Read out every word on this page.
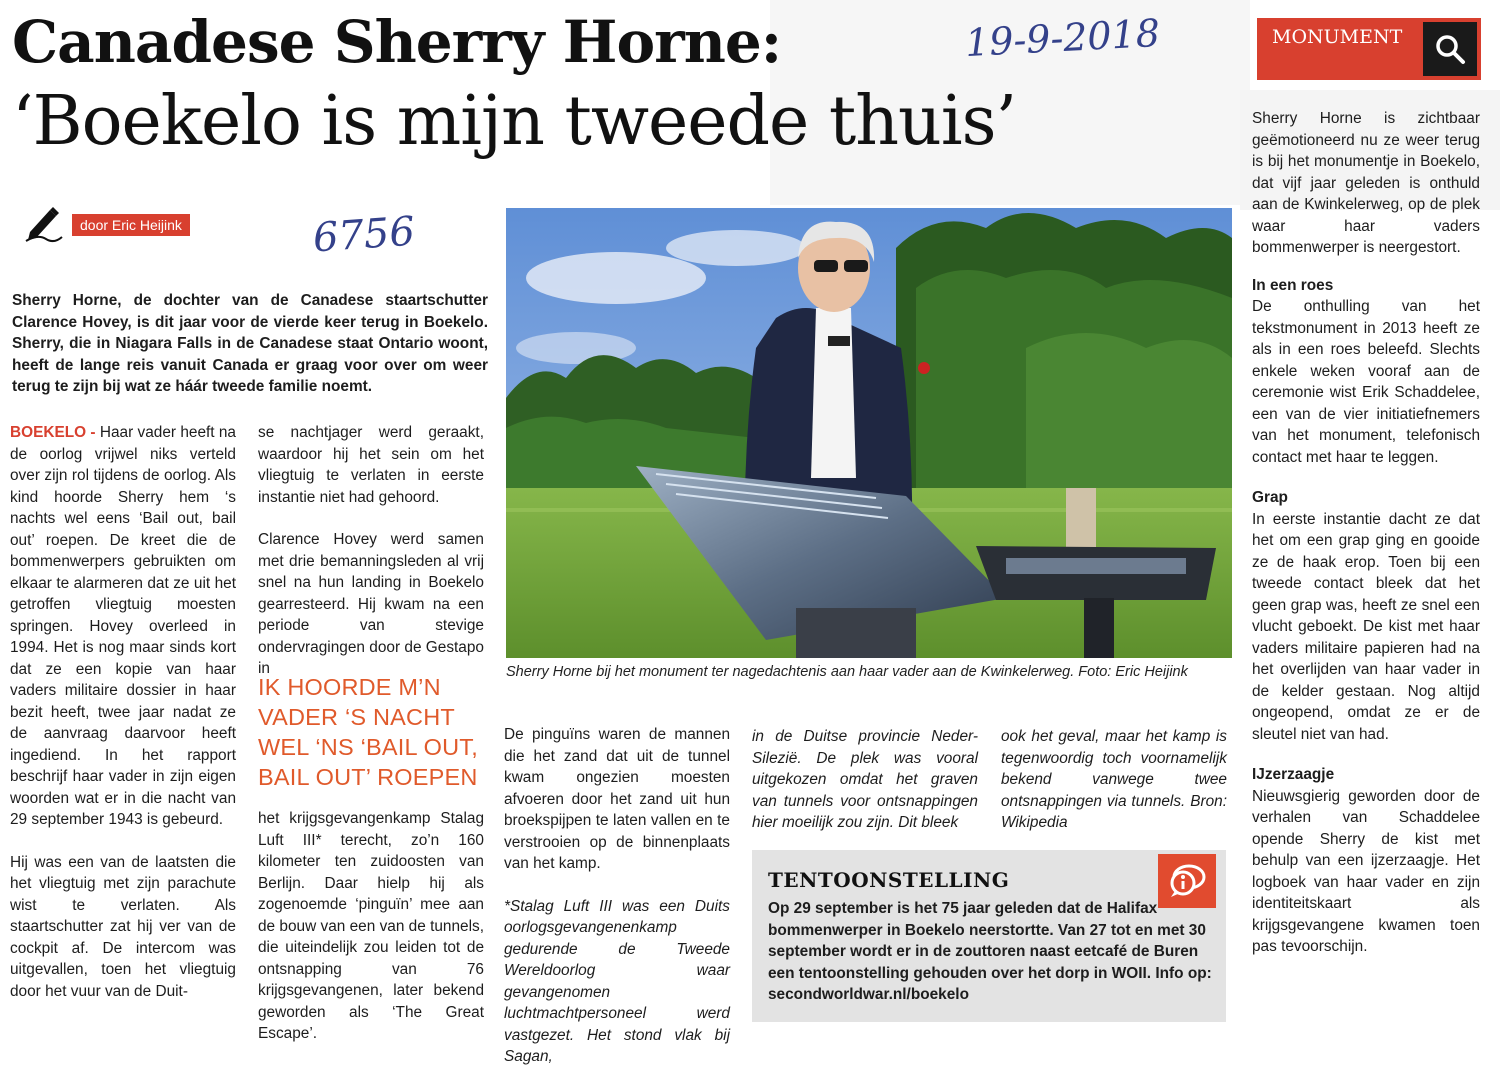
Canadese Sherry Horne:
‘Boekelo is mijn tweede thuis’
19-9-2018
6756
door Eric Heijink
Sherry Horne, de dochter van de Canadese staartschutter Clarence Hovey, is dit jaar voor de vierde keer terug in Boekelo. Sherry, die in Niagara Falls in de Canadese staat Ontario woont, heeft de lange reis vanuit Canada er graag voor over om weer terug te zijn bij wat ze háár tweede familie noemt.

BOEKELO - Haar vader heeft na de oorlog vrijwel niks verteld over zijn rol tijdens de oorlog. Als kind hoorde Sherry hem ‘s nachts wel eens ‘Bail out, bail out’ roepen. De kreet die de bommenwerpers gebruikten om elkaar te alarmeren dat ze uit het getroffen vliegtuig moesten springen. Hovey overleed in 1994. Het is nog maar sinds kort dat ze een kopie van haar vaders militaire dossier in haar bezit heeft, twee jaar nadat ze de aanvraag daarvoor heeft ingediend. In het rapport beschrijf haar vader in zijn eigen woorden wat er in die nacht van 29 september 1943 is gebeurd.

Hij was een van de laatsten die het vliegtuig met zijn parachute wist te verlaten. Als staartschutter zat hij ver van de cockpit af. De intercom was uitgevallen, toen het vliegtuig door het vuur van de Duit-

se nachtjager werd geraakt, waardoor hij het sein om het vliegtuig te verlaten in eerste instantie niet had gehoord.

Clarence Hovey werd samen met drie bemanningsleden al vrij snel na hun landing in Boekelo gearresteerd. Hij kwam na een periode van stevige ondervragingen door de Gestapo in

IK HOORDE M’N VADER ‘S NACHT WEL ‘NS ‘BAIL OUT, BAIL OUT’ ROEPEN

het krijgsgevangenkamp Stalag Luft III* terecht, zo’n 160 kilometer ten zuidoosten van Berlijn. Daar hielp hij als zogenoemde ‘pinguïn’ mee aan de bouw van een van de tunnels, die uiteindelijk zou leiden tot de ontsnapping van 76 krijgsgevangenen, later bekend geworden als ‘The Great Escape’.

Sherry Horne bij het monument ter nagedachtenis aan haar vader aan de Kwinkelerweg. Foto: Eric Heijink

De pinguïns waren de mannen die het zand dat uit de tunnel kwam ongezien moesten afvoeren door het zand uit hun broekspijpen te laten vallen en te verstrooien op de binnenplaats van het kamp.

*Stalag Luft III was een Duits oorlogsgevangenenkamp gedurende de Tweede Wereldoorlog waar gevangenomen luchtmachtpersoneel werd vastgezet. Het stond vlak bij Sagan,

in de Duitse provincie Neder-Silezië. De plek was vooral uitgekozen omdat het graven van tunnels voor ontsnappingen hier moeilijk zou zijn. Dit bleek

ook het geval, maar het kamp is tegenwoordig toch voornamelijk bekend vanwege twee ontsnappingen via tunnels. Bron: Wikipedia

TENTOONSTELLING
Op 29 september is het 75 jaar geleden dat de Halifax bommenwerper in Boekelo neerstortte. Van 27 tot en met 30 september wordt er in de zouttoren naast eetcafé de Buren een tentoonstelling gehouden over het dorp in WOII. Info op: secondworldwar.nl/boekelo
MONUMENT

Sherry Horne is zichtbaar geëmotioneerd nu ze weer terug is bij het monumentje in Boekelo, dat vijf jaar geleden is onthuld aan de Kwinkelerweg, op de plek waar haar vaders bommenwerper is neergestort.

In een roes

De onthulling van het tekstmonument in 2013 heeft ze als in een roes beleefd. Slechts enkele weken vooraf aan de ceremonie wist Erik Schaddelee, een van de vier initiatiefnemers van het monument, telefonisch contact met haar te leggen.

Grap

In eerste instantie dacht ze dat het om een grap ging en gooide ze de haak erop. Toen bij een tweede contact bleek dat het geen grap was, heeft ze snel een vlucht geboekt. De kist met haar vaders militaire papieren had na het overlijden van haar vader in de kelder gestaan. Nog altijd ongeopend, omdat ze er de sleutel niet van had.

IJzerzaagje

Nieuwsgierig geworden door de verhalen van Schaddelee opende Sherry de kist met behulp van een ijzerzaagje. Het logboek van haar vader en zijn identiteitskaart als krijgsgevangene kwamen toen pas tevoorschijn.
